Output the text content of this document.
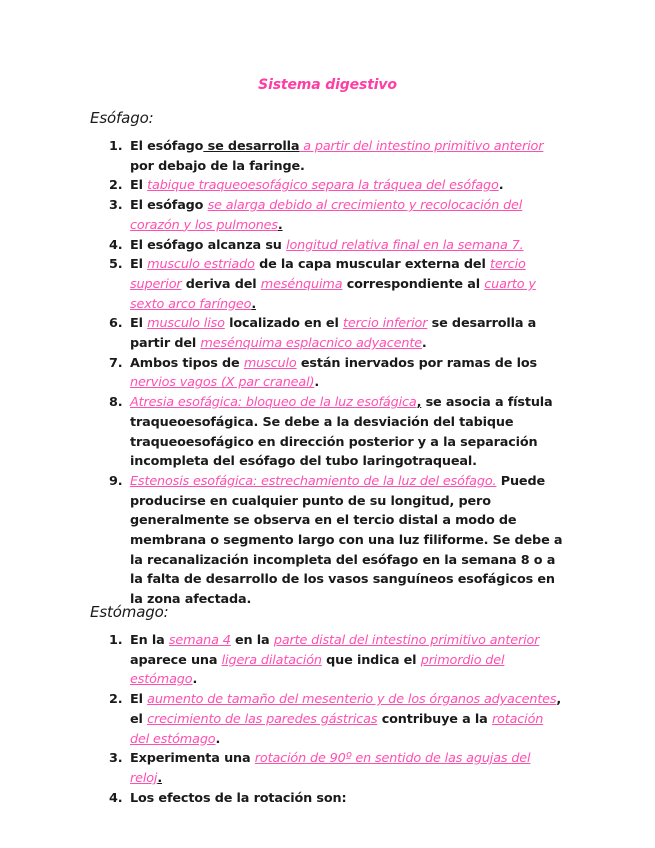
Sistema digestivo
Esófago:
1. El esófago se desarrolla a partir del intestino primitivo anterior por debajo de la faringe.
2. El tabique traqueoesofágico separa la tráquea del esófago.
3. El esófago se alarga debido al crecimiento y recolocación del corazón y los pulmones.
4. El esófago alcanza su longitud relativa final en la semana 7.
5. El musculo estriado de la capa muscular externa del tercio superior deriva del mesénquima correspondiente al cuarto y sexto arco faríngeo.
6. El musculo liso localizado en el tercio inferior se desarrolla a partir del mesénquima esplacnico adyacente.
7. Ambos tipos de musculo están inervados por ramas de los nervios vagos (X par craneal).
8. Atresia esofágica: bloqueo de la luz esofágica, se asocia a fístula traqueoesofágica. Se debe a la desviación del tabique traqueoesofágico en dirección posterior y a la separación incompleta del esófago del tubo laringotraqueal.
9. Estenosis esofágica: estrechamiento de la luz del esófago. Puede producirse en cualquier punto de su longitud, pero generalmente se observa en el tercio distal a modo de membrana o segmento largo con una luz filiforme. Se debe a la recanalización incompleta del esófago en la semana 8 o a la falta de desarrollo de los vasos sanguíneos esofágicos en la zona afectada.
Estómago:
1. En la semana 4 en la parte distal del intestino primitivo anterior aparece una ligera dilatación que indica el primordio del estómago.
2. El aumento de tamaño del mesenterio y de los órganos adyacentes, el crecimiento de las paredes gástricas contribuye a la rotación del estómago.
3. Experimenta una rotación de 90º en sentido de las agujas del reloj.
4. Los efectos de la rotación son:
